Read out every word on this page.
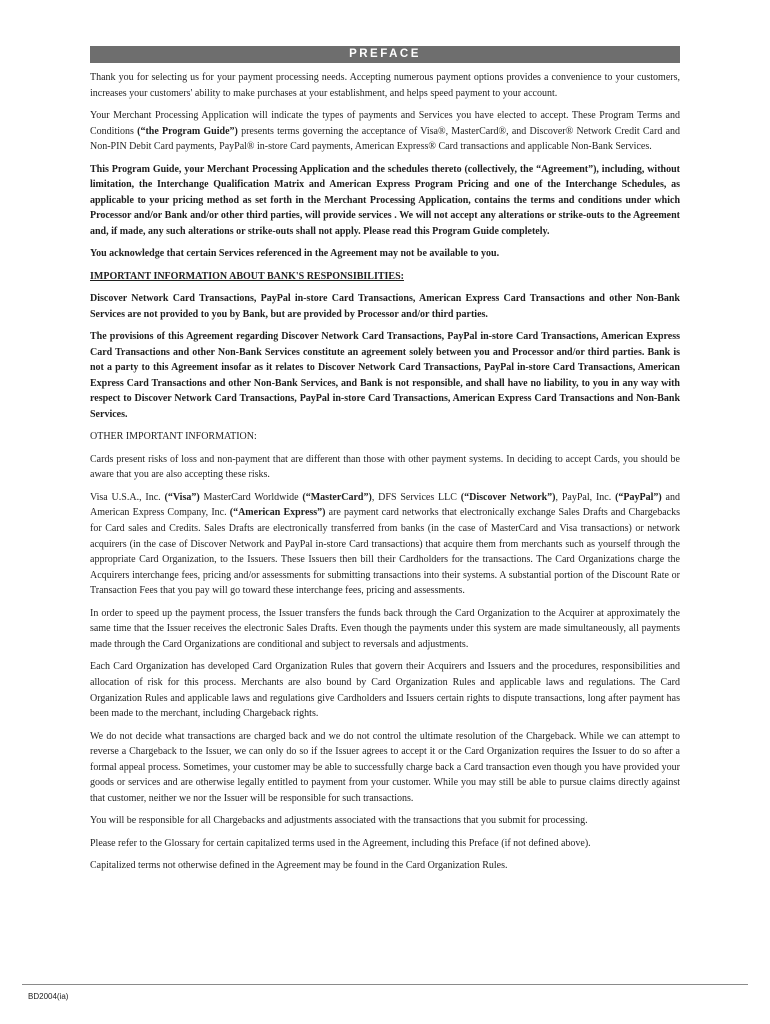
PREFACE

Thank you for selecting us for your payment processing needs. Accepting numerous payment options provides a convenience to your customers, increases your customers' ability to make purchases at your establishment, and helps speed payment to your account.

Your Merchant Processing Application will indicate the types of payments and Services you have elected to accept. These Program Terms and Conditions (“the Program Guide”) presents terms governing the acceptance of Visa®, MasterCard®, and Discover® Network Credit Card and Non-PIN Debit Card payments, PayPal® in-store Card payments, American Express® Card transactions and applicable Non-Bank Services.

This Program Guide, your Merchant Processing Application and the schedules thereto (collectively, the “Agreement”), including, without limitation, the Interchange Qualification Matrix and American Express Program Pricing and one of the Interchange Schedules, as applicable to your pricing method as set forth in the Merchant Processing Application, contains the terms and conditions under which Processor and/or Bank and/or other third parties, will provide services . We will not accept any alterations or strike-outs to the Agreement and, if made, any such alterations or strike-outs shall not apply. Please read this Program Guide completely.

You acknowledge that certain Services referenced in the Agreement may not be available to you.

IMPORTANT INFORMATION ABOUT BANK'S RESPONSIBILITIES:

Discover Network Card Transactions, PayPal in-store Card Transactions, American Express Card Transactions and other Non-Bank Services are not provided to you by Bank, but are provided by Processor and/or third parties.

The provisions of this Agreement regarding Discover Network Card Transactions, PayPal in-store Card Transactions, American Express Card Transactions and other Non-Bank Services constitute an agreement solely between you and Processor and/or third parties. Bank is not a party to this Agreement insofar as it relates to Discover Network Card Transactions, PayPal in-store Card Transactions, American Express Card Transactions and other Non-Bank Services, and Bank is not responsible, and shall have no liability, to you in any way with respect to Discover Network Card Transactions, PayPal in-store Card Transactions, American Express Card Transactions and Non-Bank Services.

OTHER IMPORTANT INFORMATION:

Cards present risks of loss and non-payment that are different than those with other payment systems. In deciding to accept Cards, you should be aware that you are also accepting these risks.

Visa U.S.A., Inc. (“Visa”) MasterCard Worldwide (“MasterCard”), DFS Services LLC (“Discover Network”), PayPal, Inc. (“PayPal”) and American Express Company, Inc. (“American Express”) are payment card networks that electronically exchange Sales Drafts and Chargebacks for Card sales and Credits. Sales Drafts are electronically transferred from banks (in the case of MasterCard and Visa transactions) or network acquirers (in the case of Discover Network and PayPal in-store Card transactions) that acquire them from merchants such as yourself through the appropriate Card Organization, to the Issuers. These Issuers then bill their Cardholders for the transactions. The Card Organizations charge the Acquirers interchange fees, pricing and/or assessments for submitting transactions into their systems. A substantial portion of the Discount Rate or Transaction Fees that you pay will go toward these interchange fees, pricing and assessments.

In order to speed up the payment process, the Issuer transfers the funds back through the Card Organization to the Acquirer at approximately the same time that the Issuer receives the electronic Sales Drafts. Even though the payments under this system are made simultaneously, all payments made through the Card Organizations are conditional and subject to reversals and adjustments.

Each Card Organization has developed Card Organization Rules that govern their Acquirers and Issuers and the procedures, responsibilities and allocation of risk for this process. Merchants are also bound by Card Organization Rules and applicable laws and regulations. The Card Organization Rules and applicable laws and regulations give Cardholders and Issuers certain rights to dispute transactions, long after payment has been made to the merchant, including Chargeback rights.

We do not decide what transactions are charged back and we do not control the ultimate resolution of the Chargeback. While we can attempt to reverse a Chargeback to the Issuer, we can only do so if the Issuer agrees to accept it or the Card Organization requires the Issuer to do so after a formal appeal process. Sometimes, your customer may be able to successfully charge back a Card transaction even though you have provided your goods or services and are otherwise legally entitled to payment from your customer. While you may still be able to pursue claims directly against that customer, neither we nor the Issuer will be responsible for such transactions.

You will be responsible for all Chargebacks and adjustments associated with the transactions that you submit for processing.

Please refer to the Glossary for certain capitalized terms used in the Agreement, including this Preface (if not defined above).

Capitalized terms not otherwise defined in the Agreement may be found in the Card Organization Rules.

BD2004(ia)
